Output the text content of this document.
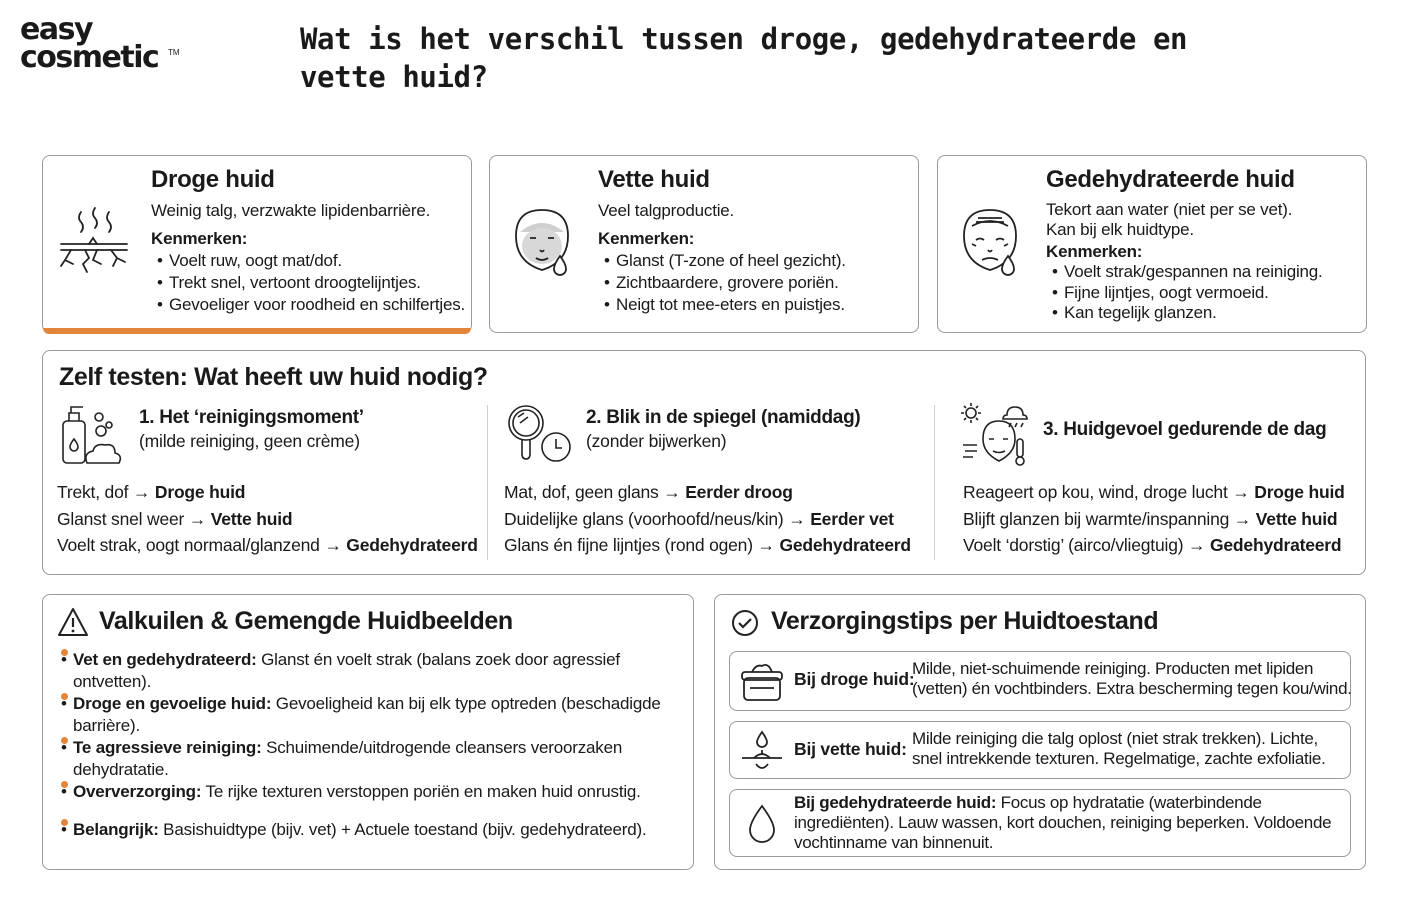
easy
cosmetic TM	Wat is het verschil tussen droge, gedehydrateerde en vette huid?
Droge huid
Weinig talg, verzwakte lipidenbarrière.
Kenmerken:
• Voelt ruw, oogt mat/dof.
• Trekt snel, vertoont droogtelijntjes.
• Gevoeliger voor roodheid en schilfertjes.
Vette huid
Veel talgproductie.
Kenmerken:
• Glanst (T-zone of heel gezicht).
• Zichtbaardere, grovere poriën.
• Neigt tot mee-eters en puistjes.
Gedehydrateerde huid
Tekort aan water (niet per se vet).
Kan bij elk huidtype.
Kenmerken:
• Voelt strak/gespannen na reiniging.
• Fijne lijntjes, oogt vermoeid.
• Kan tegelijk glanzen.
Zelf testen: Wat heeft uw huid nodig?
1. Het ‘reinigingsmoment’
(milde reiniging, geen crème)
Trekt, dof → Droge huid
Glanst snel weer → Vette huid
Voelt strak, oogt normaal/glanzend → Gedehydrateerd
2. Blik in de spiegel (namiddag)
(zonder bijwerken)
Mat, dof, geen glans → Eerder droog
Duidelijke glans (voorhoofd/neus/kin) → Eerder vet
Glans én fijne lijntjes (rond ogen) → Gedehydrateerd
3. Huidgevoel gedurende de dag
Reageert op kou, wind, droge lucht → Droge huid
Blijft glanzen bij warmte/inspanning → Vette huid
Voelt ‘dorstig’ (airco/vliegtuig) → Gedehydrateerd
Valkuilen & Gemengde Huidbeelden
• Vet en gedehydrateerd: Glanst én voelt strak (balans zoek door agressief ontvetten).
• Droge en gevoelige huid: Gevoeligheid kan bij elk type optreden (beschadigde barrière).
• Te agressieve reiniging: Schuimende/uitdrogende cleansers veroorzaken dehydratatie.
• Oververzorging: Te rijke texturen verstoppen poriën en maken huid onrustig.
• Belangrijk: Basishuidtype (bijv. vet) + Actuele toestand (bijv. gedehydrateerd).
Verzorgingstips per Huidtoestand
Bij droge huid:
Milde, niet-schuimende reiniging. Producten met lipiden (vetten) én vochtbinders. Extra bescherming tegen kou/wind.
Bij vette huid:
Milde reiniging die talg oplost (niet strak trekken). Lichte, snel intrekkende texturen. Regelmatige, zachte exfoliatie.
Bij gedehydrateerde huid: Focus op hydratatie (waterbindende ingrediënten). Lauw wassen, kort douchen, reiniging beperken. Voldoende vochtinname van binnenuit.
